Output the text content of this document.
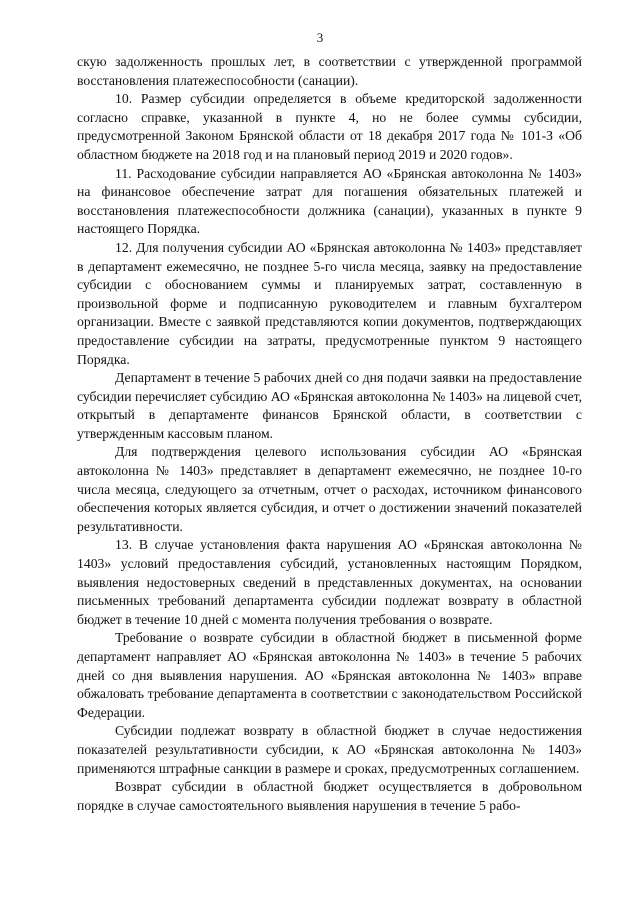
3

скую задолженность прошлых лет, в соответствии с утвержденной программой восстановления платежеспособности (санации).

10. Размер субсидии определяется в объеме кредиторской задолженности согласно справке, указанной в пункте 4, но не более суммы субсидии, предусмотренной Законом Брянской области от 18 декабря 2017 года № 101-З «Об областном бюджете на 2018 год и на плановый период 2019 и 2020 годов».

11. Расходование субсидии направляется АО «Брянская автоколонна № 1403» на финансовое обеспечение затрат для погашения обязательных платежей и восстановления платежеспособности должника (санации), указанных в пункте 9 настоящего Порядка.

12. Для получения субсидии АО «Брянская автоколонна № 1403» представляет в департамент ежемесячно, не позднее 5-го числа месяца, заявку на предоставление субсидии с обоснованием суммы и планируемых затрат, составленную в произвольной форме и подписанную руководителем и главным бухгалтером организации. Вместе с заявкой представляются копии документов, подтверждающих предоставление субсидии на затраты, предусмотренные пунктом 9 настоящего Порядка.

Департамент в течение 5 рабочих дней со дня подачи заявки на предоставление субсидии перечисляет субсидию АО «Брянская автоколонна № 1403» на лицевой счет, открытый в департаменте финансов Брянской области, в соответствии с утвержденным кассовым планом.

Для подтверждения целевого использования субсидии АО «Брянская автоколонна № 1403» представляет в департамент ежемесячно, не позднее 10-го числа месяца, следующего за отчетным, отчет о расходах, источником финансового обеспечения которых является субсидия, и отчет о достижении значений показателей результативности.

13. В случае установления факта нарушения АО «Брянская автоколонна № 1403» условий предоставления субсидий, установленных настоящим Порядком, выявления недостоверных сведений в представленных документах, на основании письменных требований департамента субсидии подлежат возврату в областной бюджет в течение 10 дней с момента получения требования о возврате.

Требование о возврате субсидии в областной бюджет в письменной форме департамент направляет АО «Брянская автоколонна № 1403» в течение 5 рабочих дней со дня выявления нарушения. АО «Брянская автоколонна № 1403» вправе обжаловать требование департамента в соответствии с законодательством Российской Федерации.

Субсидии подлежат возврату в областной бюджет в случае недостижения показателей результативности субсидии, к АО «Брянская автоколонна № 1403» применяются штрафные санкции в размере и сроках, предусмотренных соглашением.

Возврат субсидии в областной бюджет осуществляется в добровольном порядке в случае самостоятельного выявления нарушения в течение 5 рабо-
